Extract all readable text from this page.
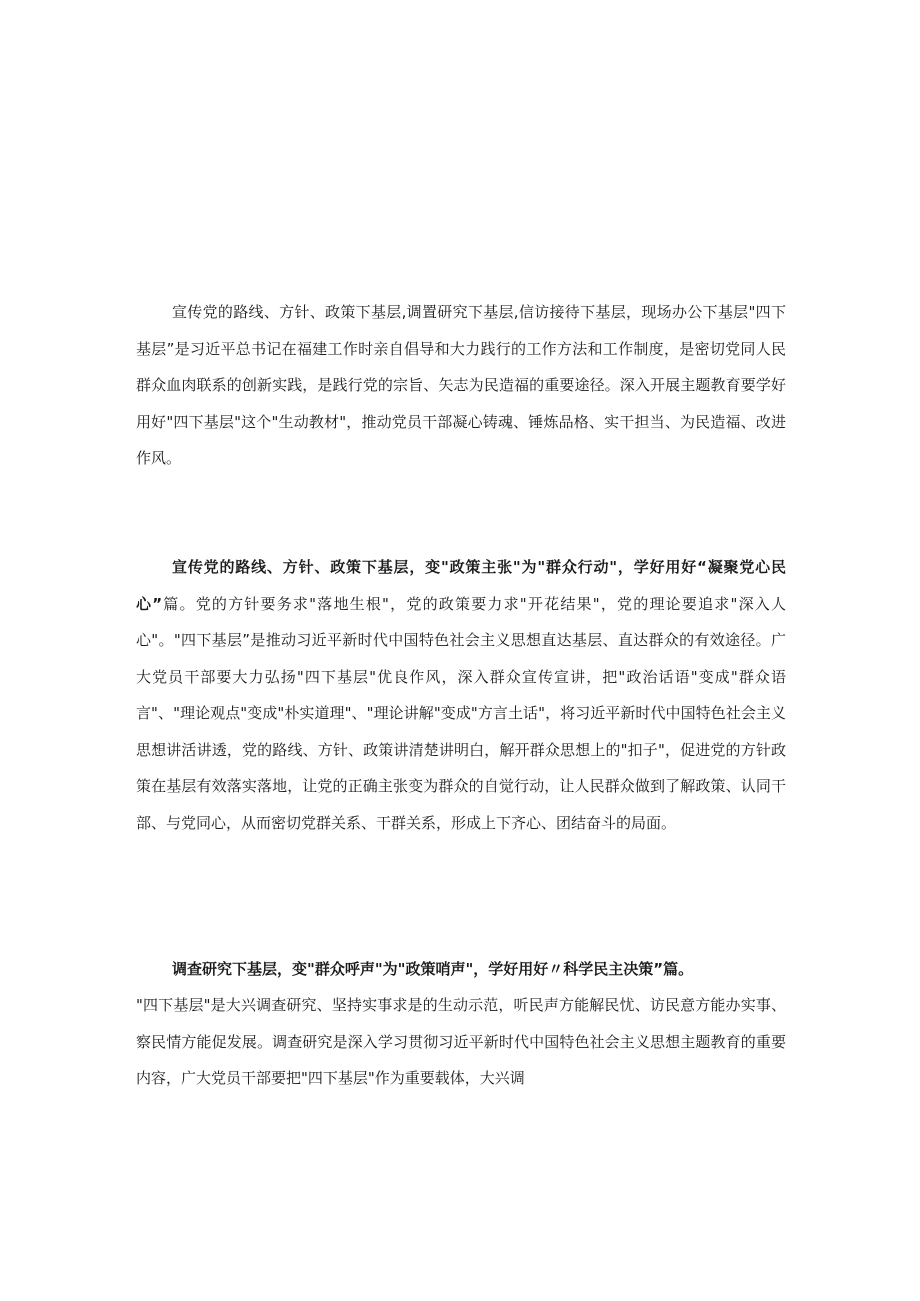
宣传党的路线、方针、政策下基层,调置研究下基层,信访接待下基层，现场办公下基层"四下基层”是习近平总书记在福建工作时亲自倡导和大力践行的工作方法和工作制度，是密切党同人民群众血肉联系的创新实践，是践行党的宗旨、矢志为民造福的重要途径。深入开展主题教育要学好用好"四下基层"这个"生动教材"，推动党员干部凝心铸魂、锤炼品格、实干担当、为民造福、改进作风。

宣传党的路线、方针、政策下基层，变"政策主张"为"群众行动"，学好用好“凝聚党心民心”篇。党的方针要务求"落地生根"，党的政策要力求"开花结果"，党的理论要追求"深入人心"。"四下基层”是推动习近平新时代中国特色社会主义思想直达基层、直达群众的有效途径。广大党员干部要大力弘扬"四下基层"优良作风，深入群众宣传宣讲，把"政治话语"变成"群众语言"、"理论观点"变成"朴实道理"、"理论讲解"变成"方言土话"，将习近平新时代中国特色社会主义思想讲活讲透，党的路线、方针、政策讲清楚讲明白，解开群众思想上的"扣子"，促进党的方针政策在基层有效落实落地，让党的正确主张变为群众的自觉行动，让人民群众做到了解政策、认同干部、与党同心，从而密切党群关系、干群关系，形成上下齐心、团结奋斗的局面。

调查研究下基层，变"群众呼声"为"政策哨声"，学好用好〃科学民主决策”篇。

"四下基层"是大兴调查研究、坚持实事求是的生动示范，听民声方能解民忧、访民意方能办实事、察民情方能促发展。调查研究是深入学习贯彻习近平新时代中国特色社会主义思想主题教育的重要内容，广大党员干部要把"四下基层"作为重要载体，大兴调
